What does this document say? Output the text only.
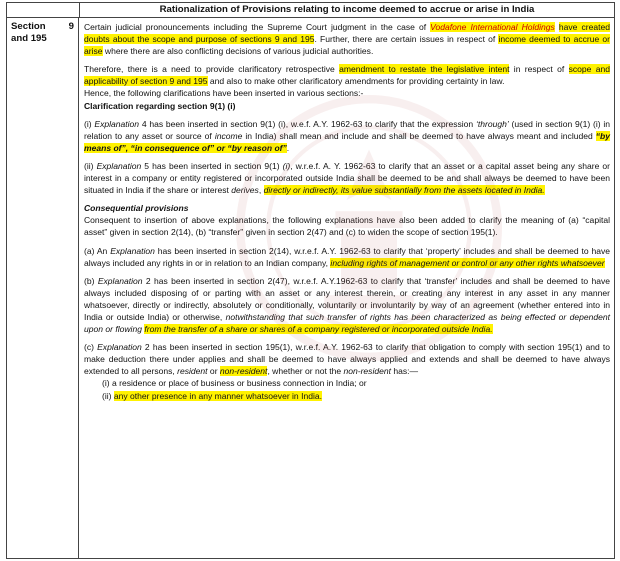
Rationalization of Provisions relating to income deemed to accrue or arise in India
Section 9
and 195

Certain judicial pronouncements including the Supreme Court judgment in the case of Vodafone International Holdings have created doubts about the scope and purpose of sections 9 and 195. Further, there are certain issues in respect of income deemed to accrue or arise where there are also conflicting decisions of various judicial authorities.

Therefore, there is a need to provide clarificatory retrospective amendment to restate the legislative intent in respect of scope and applicability of section 9 and 195 and also to make other clarificatory amendments for providing certainty in law.

Hence, the following clarifications have been inserted in various sections:-

Clarification regarding section 9(1) (i)

(i) Explanation 4 has been inserted in section 9(1) (i), w.e.f. A.Y. 1962-63 to clarify that the expression ‘through’ (used in section 9(1) (i) in relation to any asset or source of income in India) shall mean and include and shall be deemed to have always meant and included “by means of”, “in consequence of” or “by reason of”.

(ii) Explanation 5 has been inserted in section 9(1) (i), w.r.e.f. A. Y. 1962-63 to clarify that an asset or a capital asset being any share or interest in a company or entity registered or incorporated outside India shall be deemed to be and shall always be deemed to have been situated in India if the share or interest derives, directly or indirectly, its value substantially from the assets located in India.

Consequential provisions

Consequent to insertion of above explanations, the following explanations have also been added to clarify the meaning of (a) “capital asset” given in section 2(14), (b) “transfer” given in section 2(47) and (c) to widen the scope of section 195(1).

(a) An Explanation has been inserted in section 2(14), w.r.e.f. A.Y. 1962-63 to clarify that ‘property’ includes and shall be deemed to have always included any rights in or in relation to an Indian company, including rights of management or control or any other rights whatsoever

(b) Explanation 2 has been inserted in section 2(47), w.r.e.f. A.Y.1962-63 to clarify that ‘transfer’ includes and shall be deemed to have always included disposing of or parting with an asset or any interest therein, or creating any interest in any asset in any manner whatsoever, directly or indirectly, absolutely or conditionally, voluntarily or involuntarily by way of an agreement (whether entered into in India or outside India) or otherwise, notwithstanding that such transfer of rights has been characterized as being effected or dependent upon or flowing from the transfer of a share or shares of a company registered or incorporated outside India.

(c) Explanation 2 has been inserted in section 195(1), w.r.e.f. A.Y. 1962-63 to clarify that obligation to comply with section 195(1) and to make deduction there under applies and shall be deemed to have always applied and extends and shall be deemed to have always extended to all persons, resident or non-resident, whether or not the non-resident has:—

(i) a residence or place of business or business connection in India; or

(ii) any other presence in any manner whatsoever in India.
